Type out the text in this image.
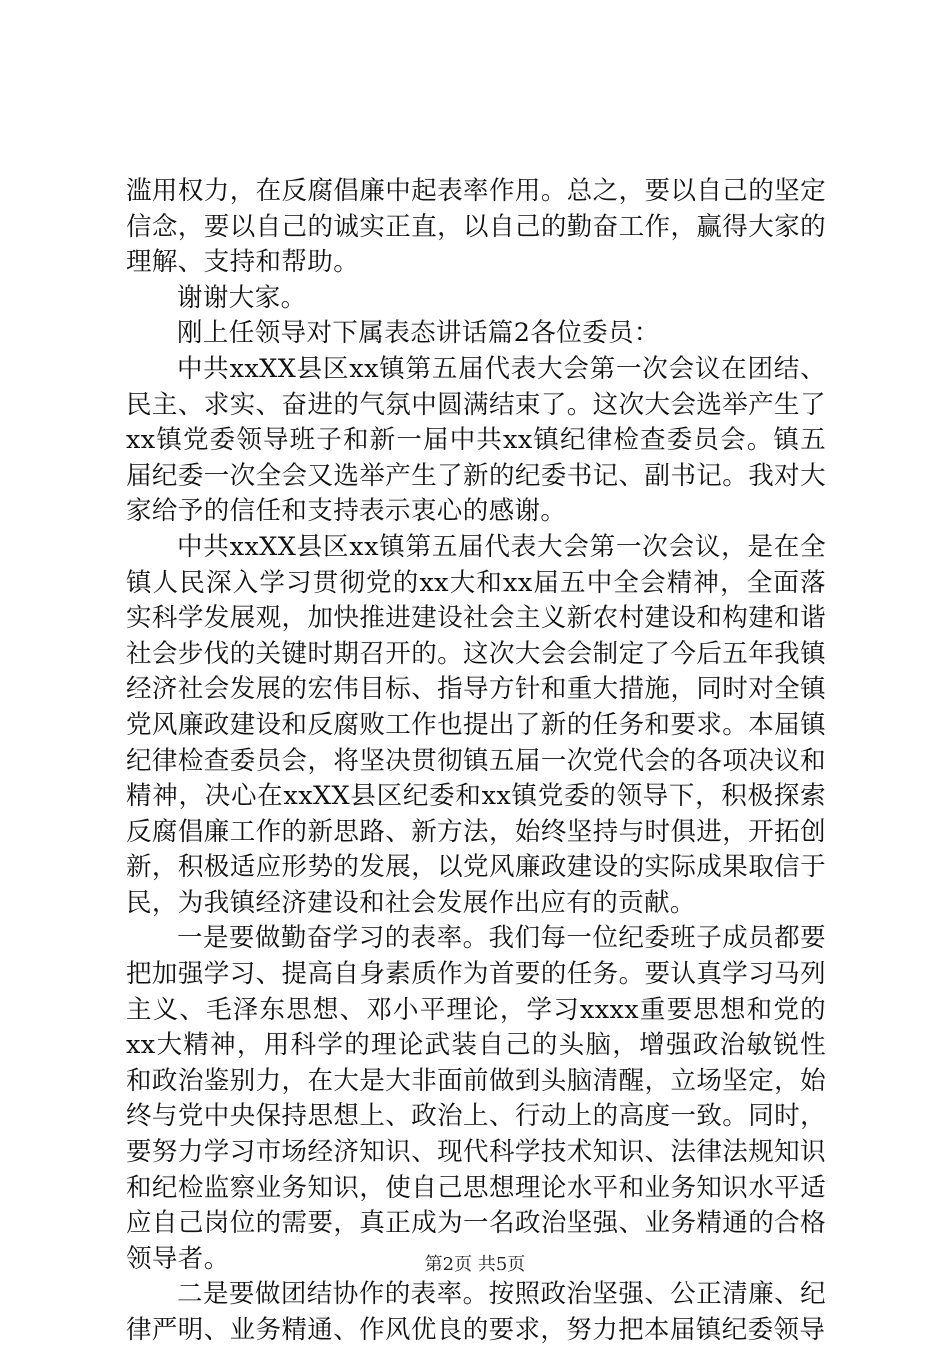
滥用权力，在反腐倡廉中起表率作用。总之，要以自己的坚定信念，要以自己的诚实正直，以自己的勤奋工作，赢得大家的理解、支持和帮助。

谢谢大家。

刚上任领导对下属表态讲话篇2各位委员：

中共xxXX县区xx镇第五届代表大会第一次会议在团结、民主、求实、奋进的气氛中圆满结束了。这次大会选举产生了xx镇党委领导班子和新一届中共xx镇纪律检查委员会。镇五届纪委一次全会又选举产生了新的纪委书记、副书记。我对大家给予的信任和支持表示衷心的感谢。

中共xxXX县区xx镇第五届代表大会第一次会议，是在全镇人民深入学习贯彻党的xx大和xx届五中全会精神，全面落实科学发展观，加快推进建设社会主义新农村建设和构建和谐社会步伐的关键时期召开的。这次大会会制定了今后五年我镇经济社会发展的宏伟目标、指导方针和重大措施，同时对全镇党风廉政建设和反腐败工作也提出了新的任务和要求。本届镇纪律检查委员会，将坚决贯彻镇五届一次党代会的各项决议和精神，决心在xxXX县区纪委和xx镇党委的领导下，积极探索反腐倡廉工作的新思路、新方法，始终坚持与时俱进，开拓创新，积极适应形势的发展，以党风廉政建设的实际成果取信于民，为我镇经济建设和社会发展作出应有的贡献。

一是要做勤奋学习的表率。我们每一位纪委班子成员都要把加强学习、提高自身素质作为首要的任务。要认真学习马列主义、毛泽东思想、邓小平理论，学习xxxx重要思想和党的xx大精神，用科学的理论武装自己的头脑，增强政治敏锐性和政治鉴别力，在大是大非面前做到头脑清醒，立场坚定，始终与党中央保持思想上、政治上、行动上的高度一致。同时，要努力学习市场经济知识、现代科学技术知识、法律法规知识和纪检监察业务知识，使自己思想理论水平和业务知识水平适应自己岗位的需要，真正成为一名政治坚强、业务精通的合格领导者。

二是要做团结协作的表率。按照政治坚强、公正清廉、纪律严明、业务精通、作风优良的要求，努力把本届镇纪委领导

第2页 共5页
